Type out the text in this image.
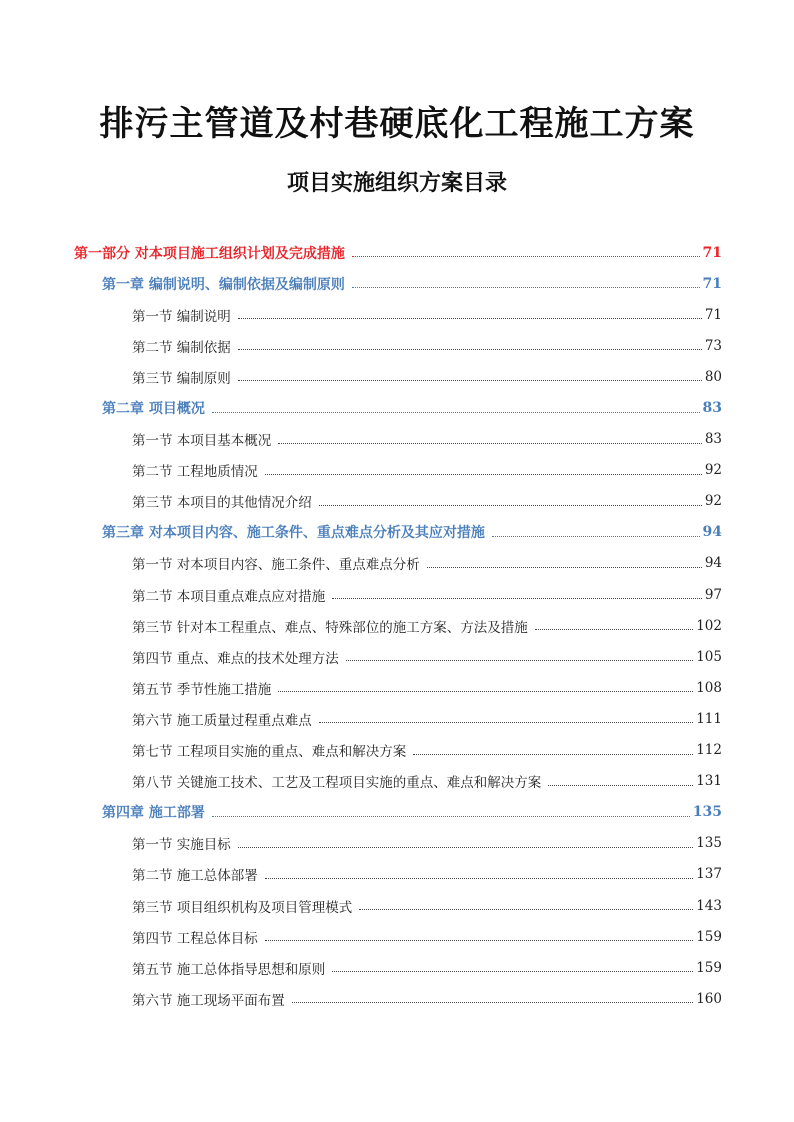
排污主管道及村巷硬底化工程施工方案
项目实施组织方案目录
第一部分 对本项目施工组织计划及完成措施	71
第一章 编制说明、编制依据及编制原则	71
第一节 编制说明	71
第二节 编制依据	73
第三节 编制原则	80
第二章 项目概况	83
第一节 本项目基本概况	83
第二节 工程地质情况	92
第三节 本项目的其他情况介绍	92
第三章 对本项目内容、施工条件、重点难点分析及其应对措施	94
第一节 对本项目内容、施工条件、重点难点分析	94
第二节 本项目重点难点应对措施	97
第三节 针对本工程重点、难点、特殊部位的施工方案、方法及措施	102
第四节 重点、难点的技术处理方法	105
第五节 季节性施工措施	108
第六节 施工质量过程重点难点	111
第七节 工程项目实施的重点、难点和解决方案	112
第八节 关键施工技术、工艺及工程项目实施的重点、难点和解决方案	131
第四章 施工部署	135
第一节 实施目标	135
第二节 施工总体部署	137
第三节 项目组织机构及项目管理模式	143
第四节 工程总体目标	159
第五节 施工总体指导思想和原则	159
第六节 施工现场平面布置	160
